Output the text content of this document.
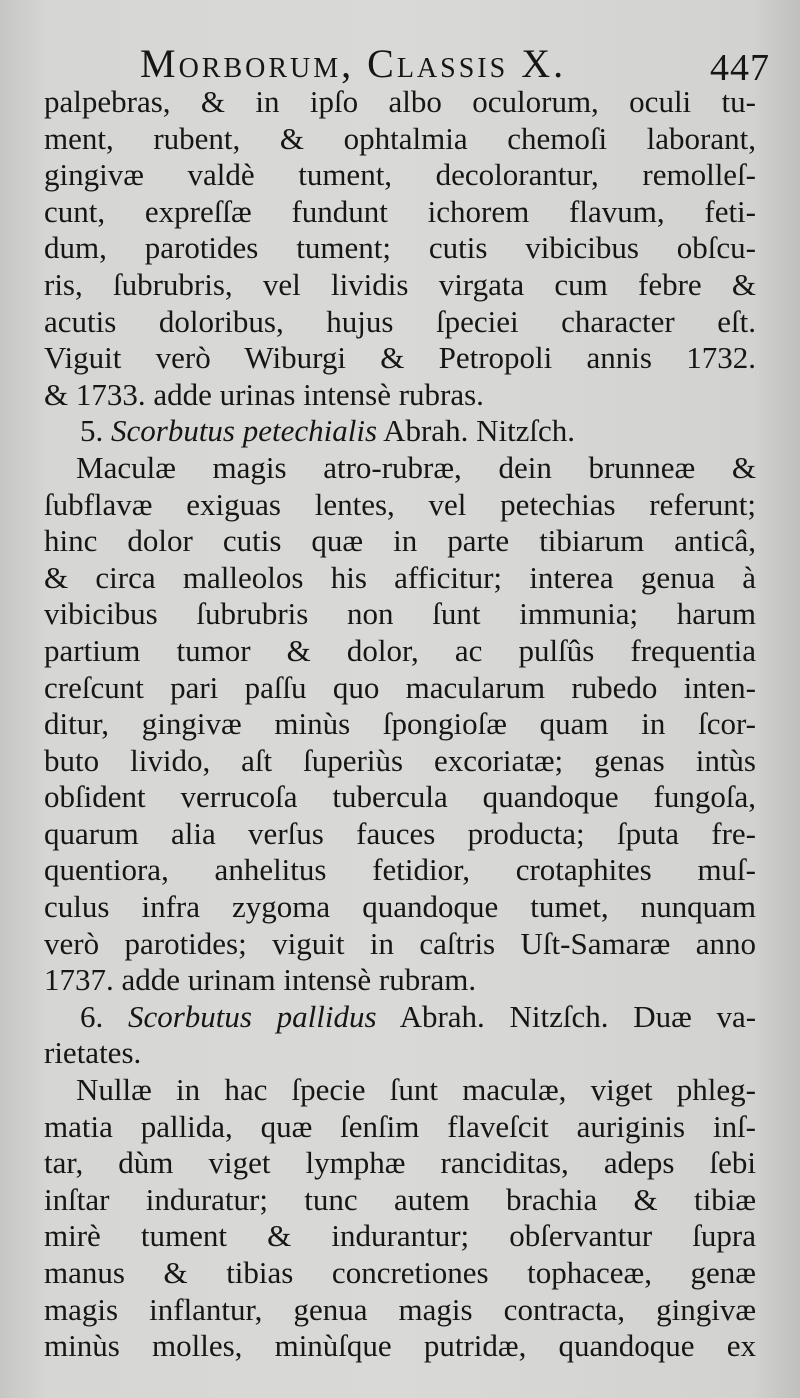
Morborum, Classis X.	447
palpebras, & in ipſo albo oculorum, oculi tu-
ment, rubent, & ophtalmia chemoſi laborant,
gingivæ valdè tument, decolorantur, remolleſ-
cunt, expreſſæ fundunt ichorem flavum, feti-
dum, parotides tument; cutis vibicibus obſcu-
ris, ſubrubris, vel lividis virgata cum febre &
acutis doloribus, hujus ſpeciei character eſt.
Viguit verò Wiburgi & Petropoli annis 1732.
& 1733. adde urinas intensè rubras.
5. Scorbutus petechialis Abrah. Nitzſch.
Maculæ magis atro-rubræ, dein brunneæ &
ſubflavæ exiguas lentes, vel petechias referunt;
hinc dolor cutis quæ in parte tibiarum anticâ,
& circa malleolos his afficitur; interea genua à
vibicibus ſubrubris non ſunt immunia; harum
partium tumor & dolor, ac pulſûs frequentia
creſcunt pari paſſu quo macularum rubedo inten-
ditur, gingivæ minùs ſpongioſæ quam in ſcor-
buto livido, aſt ſuperiùs excoriatæ; genas intùs
obſident verrucoſa tubercula quandoque fungoſa,
quarum alia verſus fauces producta; ſputa fre-
quentiora, anhelitus fetidior, crotaphites muſ-
culus infra zygoma quandoque tumet, nunquam
verò parotides; viguit in caſtris Uſt-Samaræ anno
1737. adde urinam intensè rubram.
6. Scorbutus pallidus Abrah. Nitzſch. Duæ va-
rietates.
Nullæ in hac ſpecie ſunt maculæ, viget phleg-
matia pallida, quæ ſenſim flaveſcit auriginis inſ-
tar, dùm viget lymphæ ranciditas, adeps ſebi
inſtar induratur; tunc autem brachia & tibiæ
mirè tument & indurantur; obſervantur ſupra
manus & tibias concretiones tophaceæ, genæ
magis inflantur, genua magis contracta, gingivæ
minùs molles, minùſque putridæ, quandoque ex
